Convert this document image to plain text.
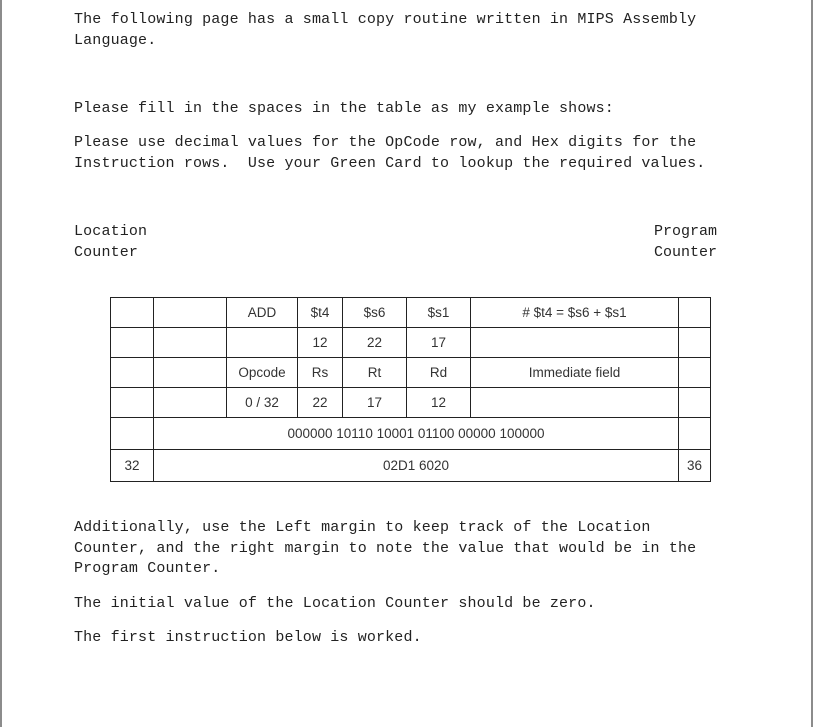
The following page has a small copy routine written in MIPS Assembly

Language.

Please fill in the spaces in the table as my example shows:

Please use decimal values for the OpCode row, and Hex digits for the

Instruction rows.  Use your Green Card to lookup the required values.

Location

Counter

Program
Counter
		ADD	$t4	$s6	$s1	# $t4 = $s6 + $s1	
			12	22	17		
		Opcode	Rs	Rt	Rd	Immediate field	
		0 / 32	22	17	12		
	000000 10110 10001 01100 00000 100000						
32	02D1 6020						36

Additionally, use the Left margin to keep track of the Location

Counter, and the right margin to note the value that would be in the

Program Counter.

The initial value of the Location Counter should be zero.

The first instruction below is worked.
